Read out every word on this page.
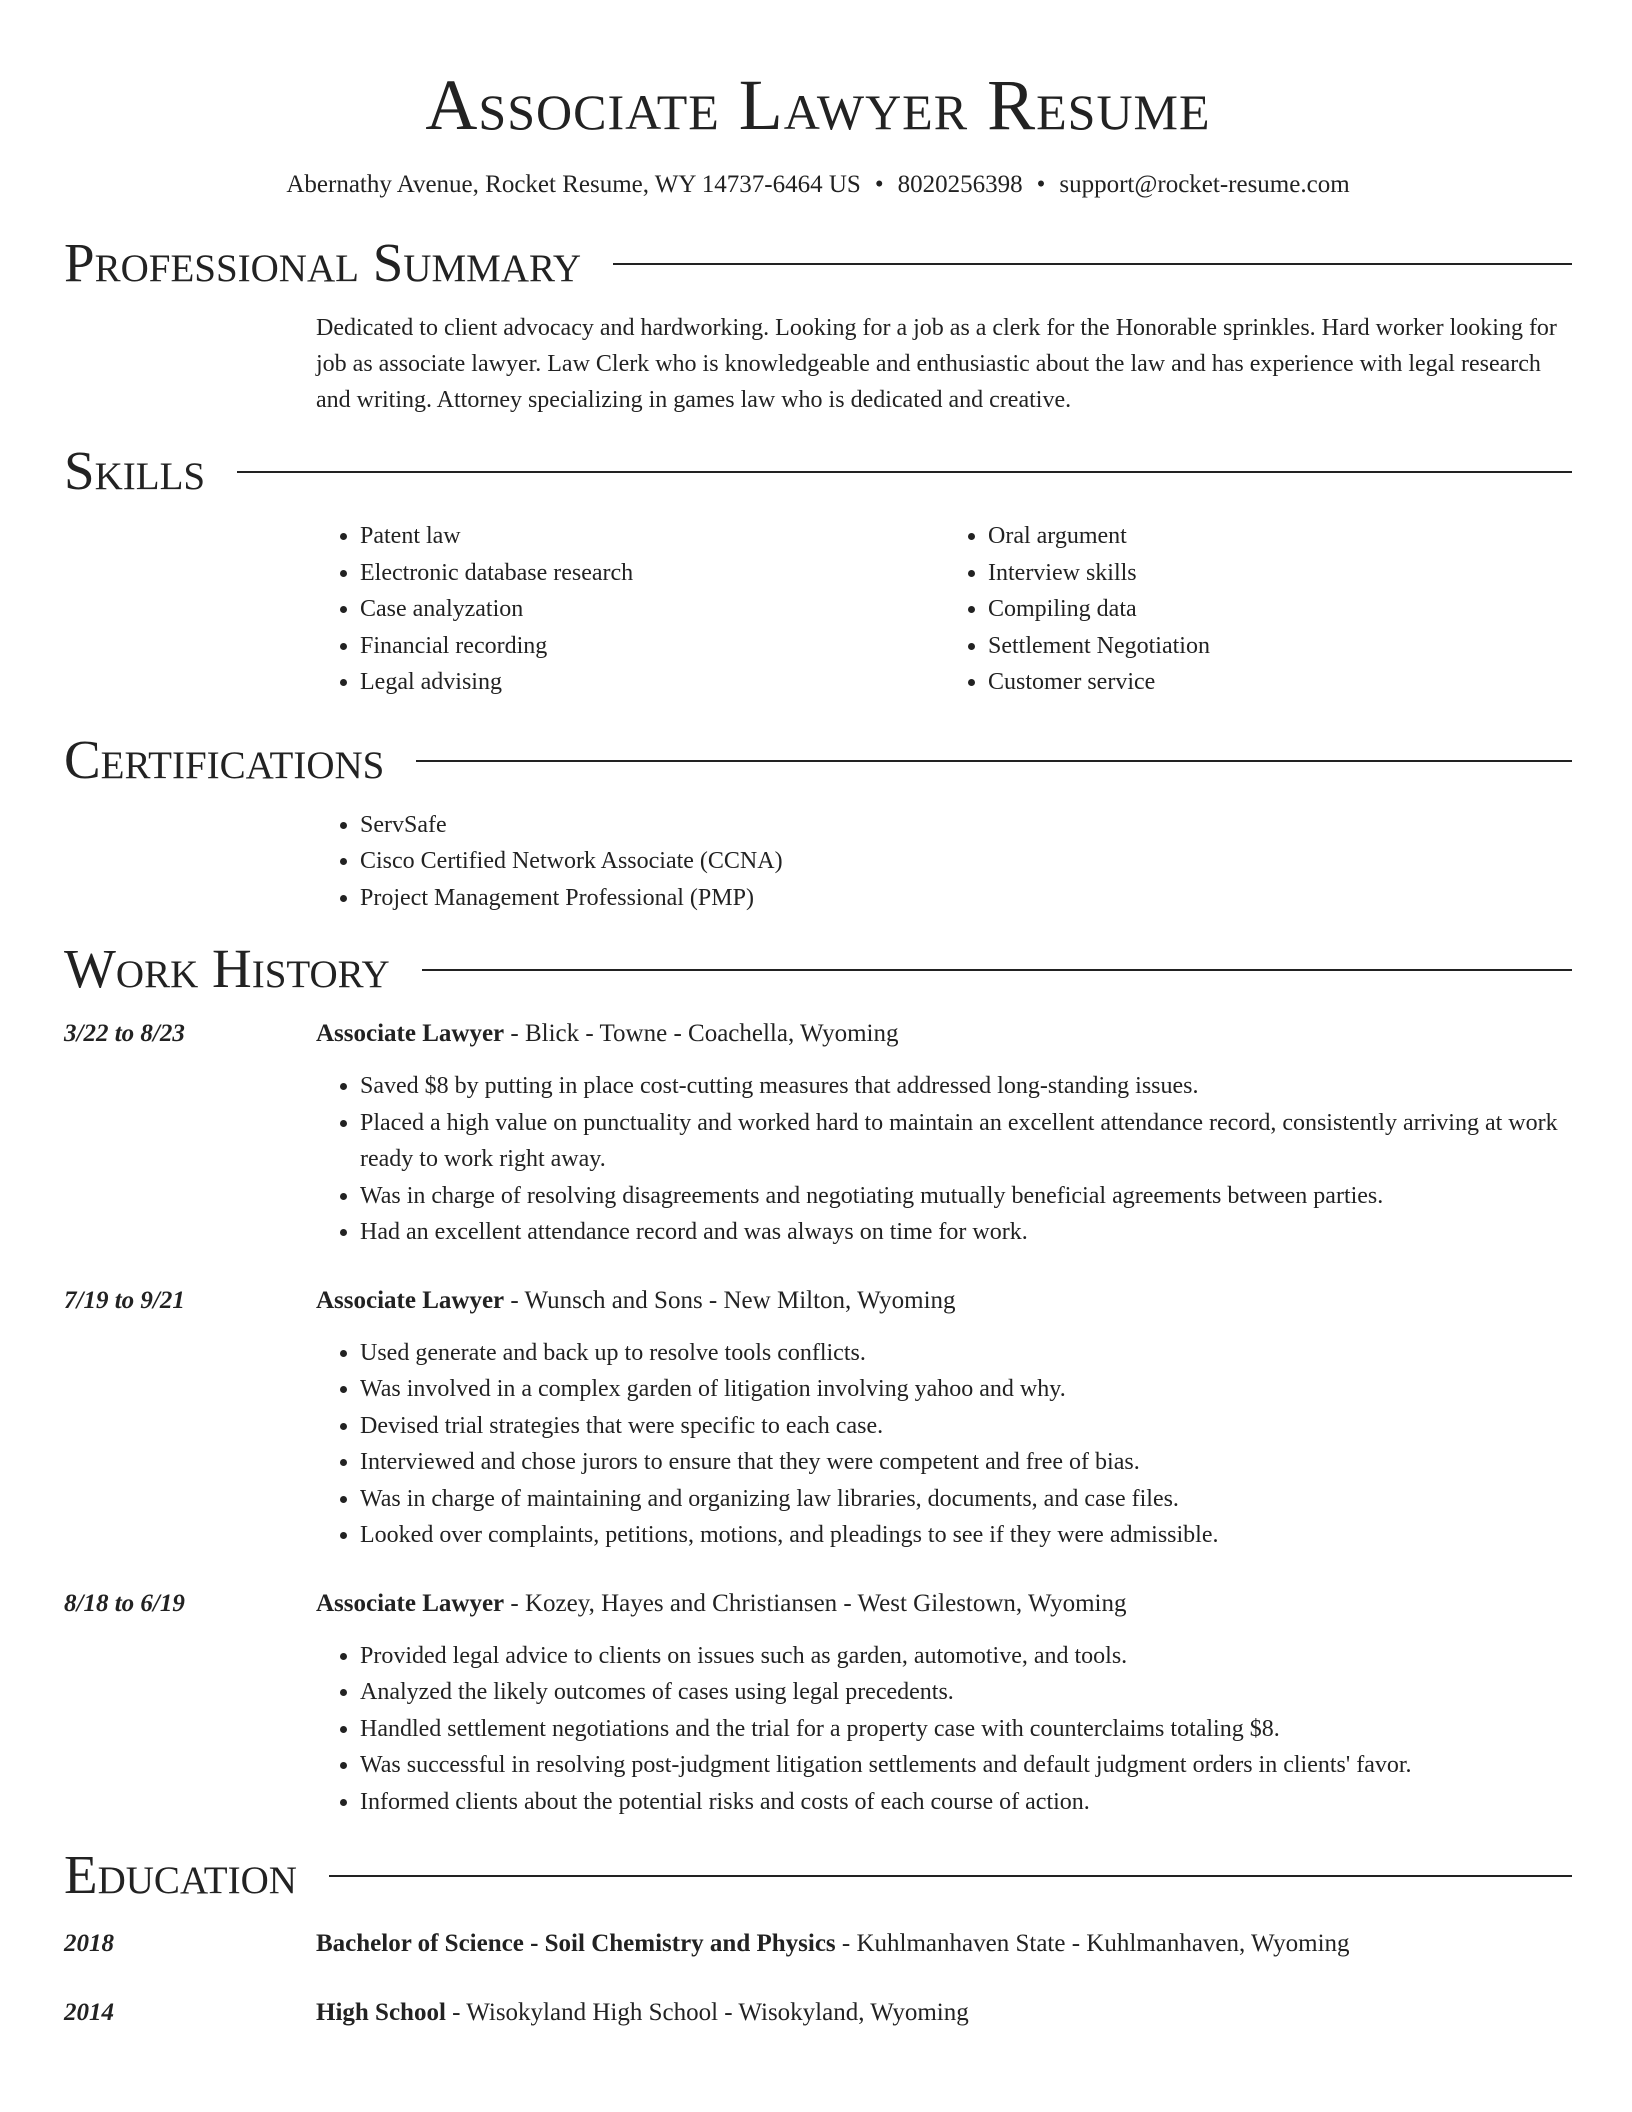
Associate Lawyer Resume
Abernathy Avenue, Rocket Resume, WY 14737-6464 US • 8020256398 • support@rocket-resume.com
Professional Summary

Dedicated to client advocacy and hardworking. Looking for a job as a clerk for the Honorable sprinkles. Hard worker looking for job as associate lawyer. Law Clerk who is knowledgeable and enthusiastic about the law and has experience with legal research and writing. Attorney specializing in games law who is dedicated and creative.

Skills
• Patent law
• Electronic database research
• Case analyzation
• Financial recording
• Legal advising
• Oral argument
• Interview skills
• Compiling data
• Settlement Negotiation
• Customer service
Certifications
• ServSafe
• Cisco Certified Network Associate (CCNA)
• Project Management Professional (PMP)
Work History
3/22 to 8/23	Associate Lawyer - Blick - Towne - Coachella, Wyoming
• Saved $8 by putting in place cost-cutting measures that addressed long-standing issues.
• Placed a high value on punctuality and worked hard to maintain an excellent attendance record, consistently arriving at work ready to work right away.
• Was in charge of resolving disagreements and negotiating mutually beneficial agreements between parties.
• Had an excellent attendance record and was always on time for work.
7/19 to 9/21	Associate Lawyer - Wunsch and Sons - New Milton, Wyoming
• Used generate and back up to resolve tools conflicts.
• Was involved in a complex garden of litigation involving yahoo and why.
• Devised trial strategies that were specific to each case.
• Interviewed and chose jurors to ensure that they were competent and free of bias.
• Was in charge of maintaining and organizing law libraries, documents, and case files.
• Looked over complaints, petitions, motions, and pleadings to see if they were admissible.
8/18 to 6/19	Associate Lawyer - Kozey, Hayes and Christiansen - West Gilestown, Wyoming
• Provided legal advice to clients on issues such as garden, automotive, and tools.
• Analyzed the likely outcomes of cases using legal precedents.
• Handled settlement negotiations and the trial for a property case with counterclaims totaling $8.
• Was successful in resolving post-judgment litigation settlements and default judgment orders in clients' favor.
• Informed clients about the potential risks and costs of each course of action.
Education
2018	Bachelor of Science - Soil Chemistry and Physics - Kuhlmanhaven State - Kuhlmanhaven, Wyoming
2014	High School - Wisokyland High School - Wisokyland, Wyoming
